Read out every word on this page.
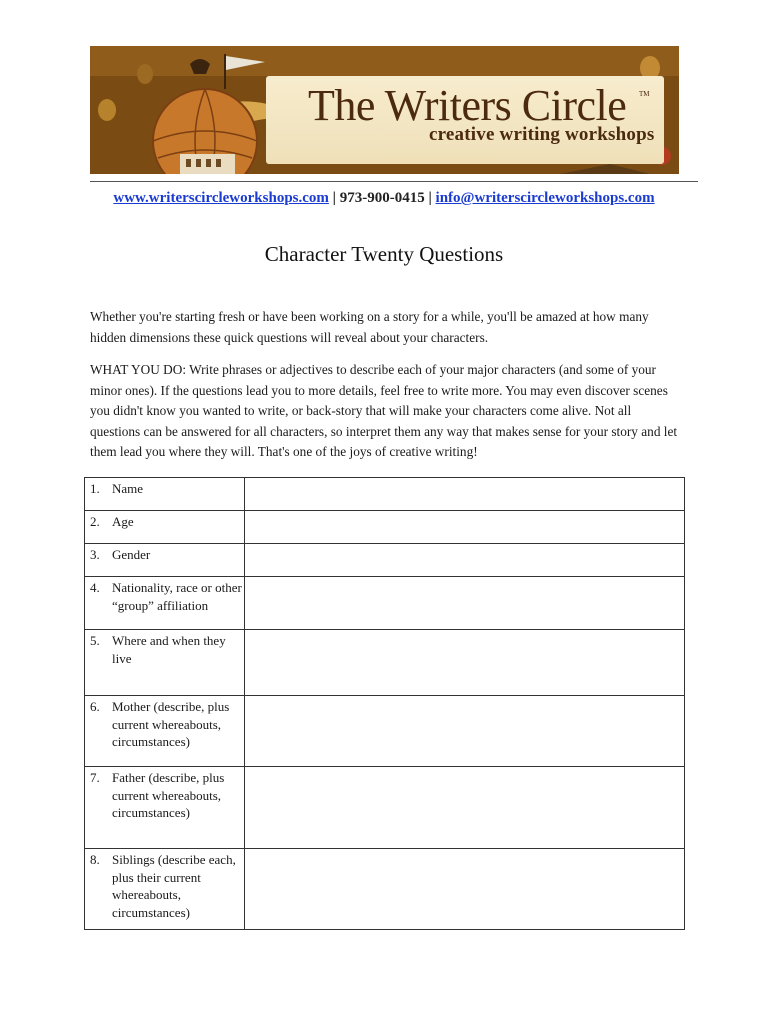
The Writers Circle TM
creative writing workshops
www.writerscircleworkshops.com | 973-900-0415 | info@writerscircleworkshops.com
Character Twenty Questions

Whether you're starting fresh or have been working on a story for a while, you'll be amazed at how many hidden dimensions these quick questions will reveal about your characters.

WHAT YOU DO: Write phrases or adjectives to describe each of your major characters (and some of your minor ones). If the questions lead you to more details, feel free to write more. You may even discover scenes you didn't know you wanted to write, or back-story that will make your characters come alive. Not all questions can be answered for all characters, so interpret them any way that makes sense for your story and let them lead you where they will. That's one of the joys of creative writing!

1. Name	

2. Age	

3. Gender	

4. Nationality, race or other “group” affiliation	

5. Where and when they live	

6. Mother (describe, plus current whereabouts, circumstances)	

7. Father (describe, plus current whereabouts, circumstances)	

8. Siblings (describe each, plus their current whereabouts, circumstances)	
